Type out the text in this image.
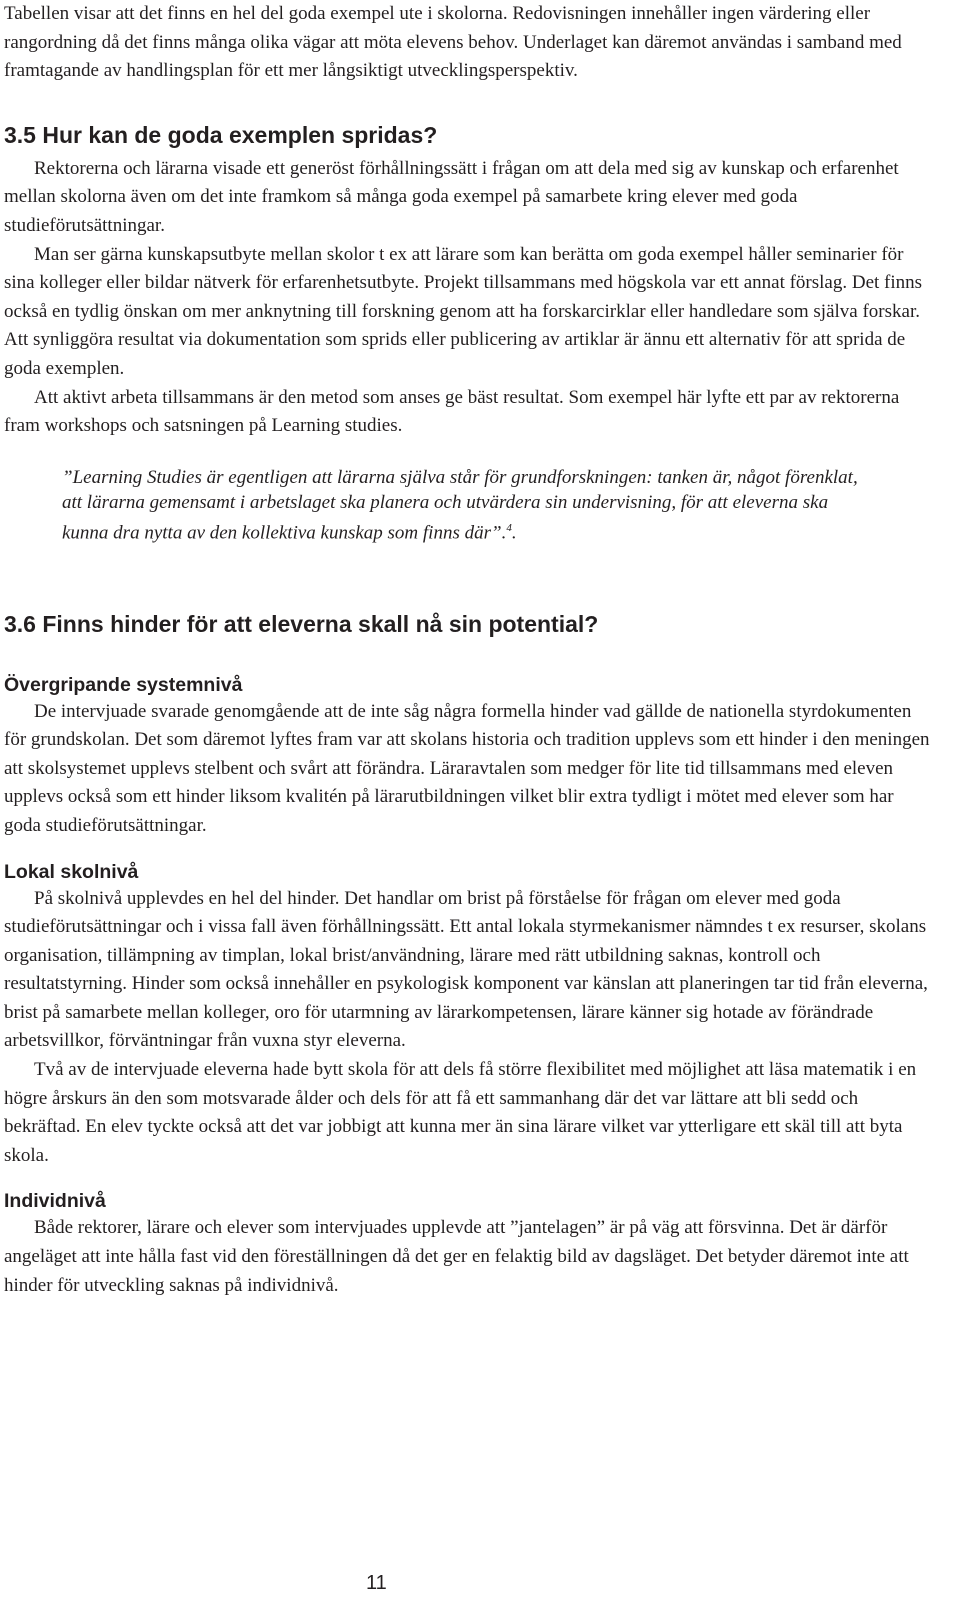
Tabellen visar att det finns en hel del goda exempel ute i skolorna. Redovisningen innehåller ingen värdering eller rangordning då det finns många olika vägar att möta elevens behov. Underlaget kan däremot användas i samband med framtagande av handlingsplan för ett mer långsiktigt utvecklingsperspektiv.

3.5 Hur kan de goda exemplen spridas?

Rektorerna och lärarna visade ett generöst förhållningssätt i frågan om att dela med sig av kunskap och erfarenhet mellan skolorna även om det inte framkom så många goda exempel på samarbete kring elever med goda studieförutsättningar.

Man ser gärna kunskapsutbyte mellan skolor t ex att lärare som kan berätta om goda exempel håller seminarier för sina kolleger eller bildar nätverk för erfarenhetsutbyte. Projekt tillsammans med högskola var ett annat förslag. Det finns också en tydlig önskan om mer anknytning till forskning genom att ha forskarcirklar eller handledare som själva forskar. Att synliggöra resultat via dokumentation som sprids eller publicering av artiklar är ännu ett alternativ för att sprida de goda exemplen.

Att aktivt arbeta tillsammans är den metod som anses ge bäst resultat. Som exempel här lyfte ett par av rektorerna fram workshops och satsningen på Learning studies.

”Learning Studies är egentligen att lärarna själva står för grundforskningen: tanken är, något förenklat, att lärarna gemensamt i arbetslaget ska planera och utvärdera sin undervisning, för att eleverna ska kunna dra nytta av den kollektiva kunskap som finns där”.$^4$.
3.6 Finns hinder för att eleverna skall nå sin potential?
Övergripande systemnivå

De intervjuade svarade genomgående att de inte såg några formella hinder vad gällde de nationella styrdokumenten för grundskolan. Det som däremot lyftes fram var att skolans historia och tradition upplevs som ett hinder i den meningen att skolsystemet upplevs stelbent och svårt att förändra. Läraravtalen som medger för lite tid tillsammans med eleven upplevs också som ett hinder liksom kvalitén på lärarutbildningen vilket blir extra tydligt i mötet med elever som har goda studieförutsättningar.

Lokal skolnivå

På skolnivå upplevdes en hel del hinder. Det handlar om brist på förståelse för frågan om elever med goda studieförutsättningar och i vissa fall även förhållningssätt. Ett antal lokala styrmekanismer nämndes t ex resurser, skolans organisation, tillämpning av timplan, lokal brist/användning, lärare med rätt utbildning saknas, kontroll och resultatstyrning. Hinder som också innehåller en psykologisk komponent var känslan att planeringen tar tid från eleverna, brist på samarbete mellan kolleger, oro för utarmning av lärarkompetensen, lärare känner sig hotade av förändrade arbetsvillkor, förväntningar från vuxna styr eleverna.

Två av de intervjuade eleverna hade bytt skola för att dels få större flexibilitet med möjlighet att läsa matematik i en högre årskurs än den som motsvarade ålder och dels för att få ett sammanhang där det var lättare att bli sedd och bekräftad. En elev tyckte också att det var jobbigt att kunna mer än sina lärare vilket var ytterligare ett skäl till att byta skola.

Individnivå

Både rektorer, lärare och elever som intervjuades upplevde att ”jantelagen” är på väg att försvinna. Det är därför angeläget att inte hålla fast vid den föreställningen då det ger en felaktig bild av dagsläget. Det betyder däremot inte att hinder för utveckling saknas på individnivå.

11
